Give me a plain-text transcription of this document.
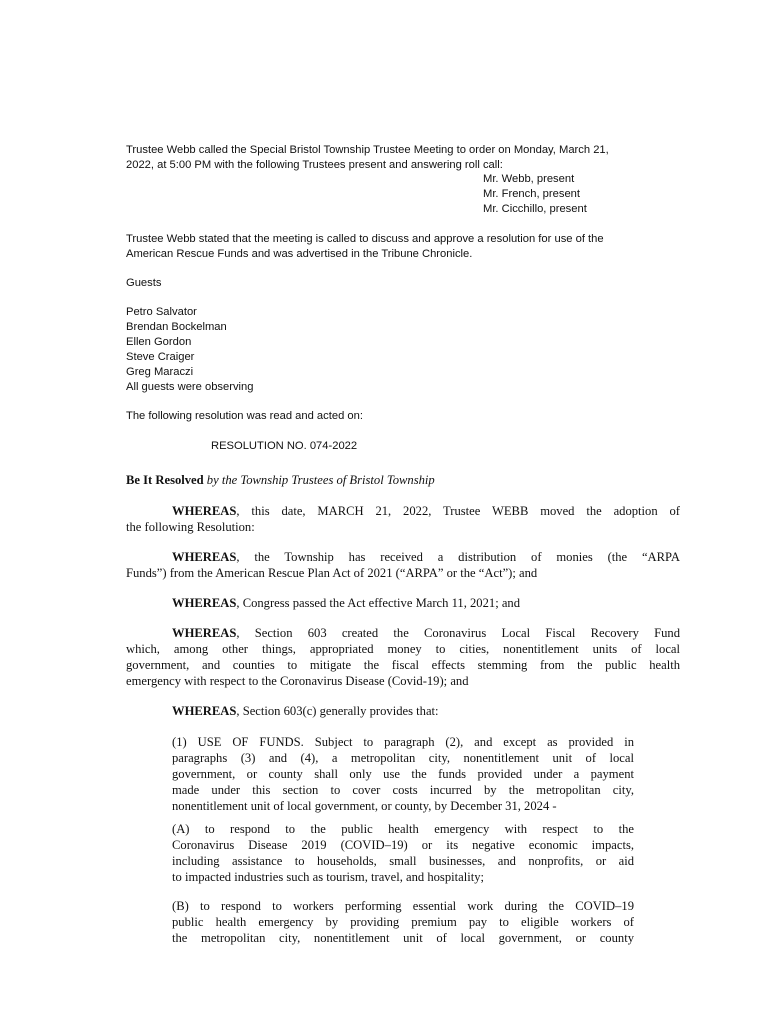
Trustee Webb called the Special Bristol Township Trustee Meeting to order on Monday, March 21,
2022, at 5:00 PM with the following Trustees present and answering roll call:
Mr. Webb, present
Mr. French, present
Mr. Cicchillo, present
Trustee Webb stated that the meeting is called to discuss and approve a resolution for use of the
American Rescue Funds and was advertised in the Tribune Chronicle.
Guests
Petro Salvator
Brendan Bockelman
Ellen Gordon
Steve Craiger
Greg Maraczi
All guests were observing
The following resolution was read and acted on:
RESOLUTION NO. 074-2022
Be It Resolved by the Township Trustees of Bristol Township
WHEREAS, this date, MARCH 21, 2022, Trustee WEBB moved the adoption of
the following Resolution:
WHEREAS, the Township has received a distribution of monies (the “ARPA
Funds”) from the American Rescue Plan Act of 2021 (“ARPA” or the “Act”); and
WHEREAS, Congress passed the Act effective March 11, 2021; and
WHEREAS, Section 603 created the Coronavirus Local Fiscal Recovery Fund
which, among other things, appropriated money to cities, nonentitlement units of local
government, and counties to mitigate the fiscal effects stemming from the public health
emergency with respect to the Coronavirus Disease (Covid-19); and
WHEREAS, Section 603(c) generally provides that:
(1) USE OF FUNDS. Subject to paragraph (2), and except as provided in
paragraphs (3) and (4), a metropolitan city, nonentitlement unit of local
government, or county shall only use the funds provided under a payment
made under this section to cover costs incurred by the metropolitan city,
nonentitlement unit of local government, or county, by December 31, 2024 -
(A) to respond to the public health emergency with respect to the
Coronavirus Disease 2019 (COVID–19) or its negative economic impacts,
including assistance to households, small businesses, and nonprofits, or aid
to impacted industries such as tourism, travel, and hospitality;
(B) to respond to workers performing essential work during the COVID–19
public health emergency by providing premium pay to eligible workers of
the metropolitan city, nonentitlement unit of local government, or county
